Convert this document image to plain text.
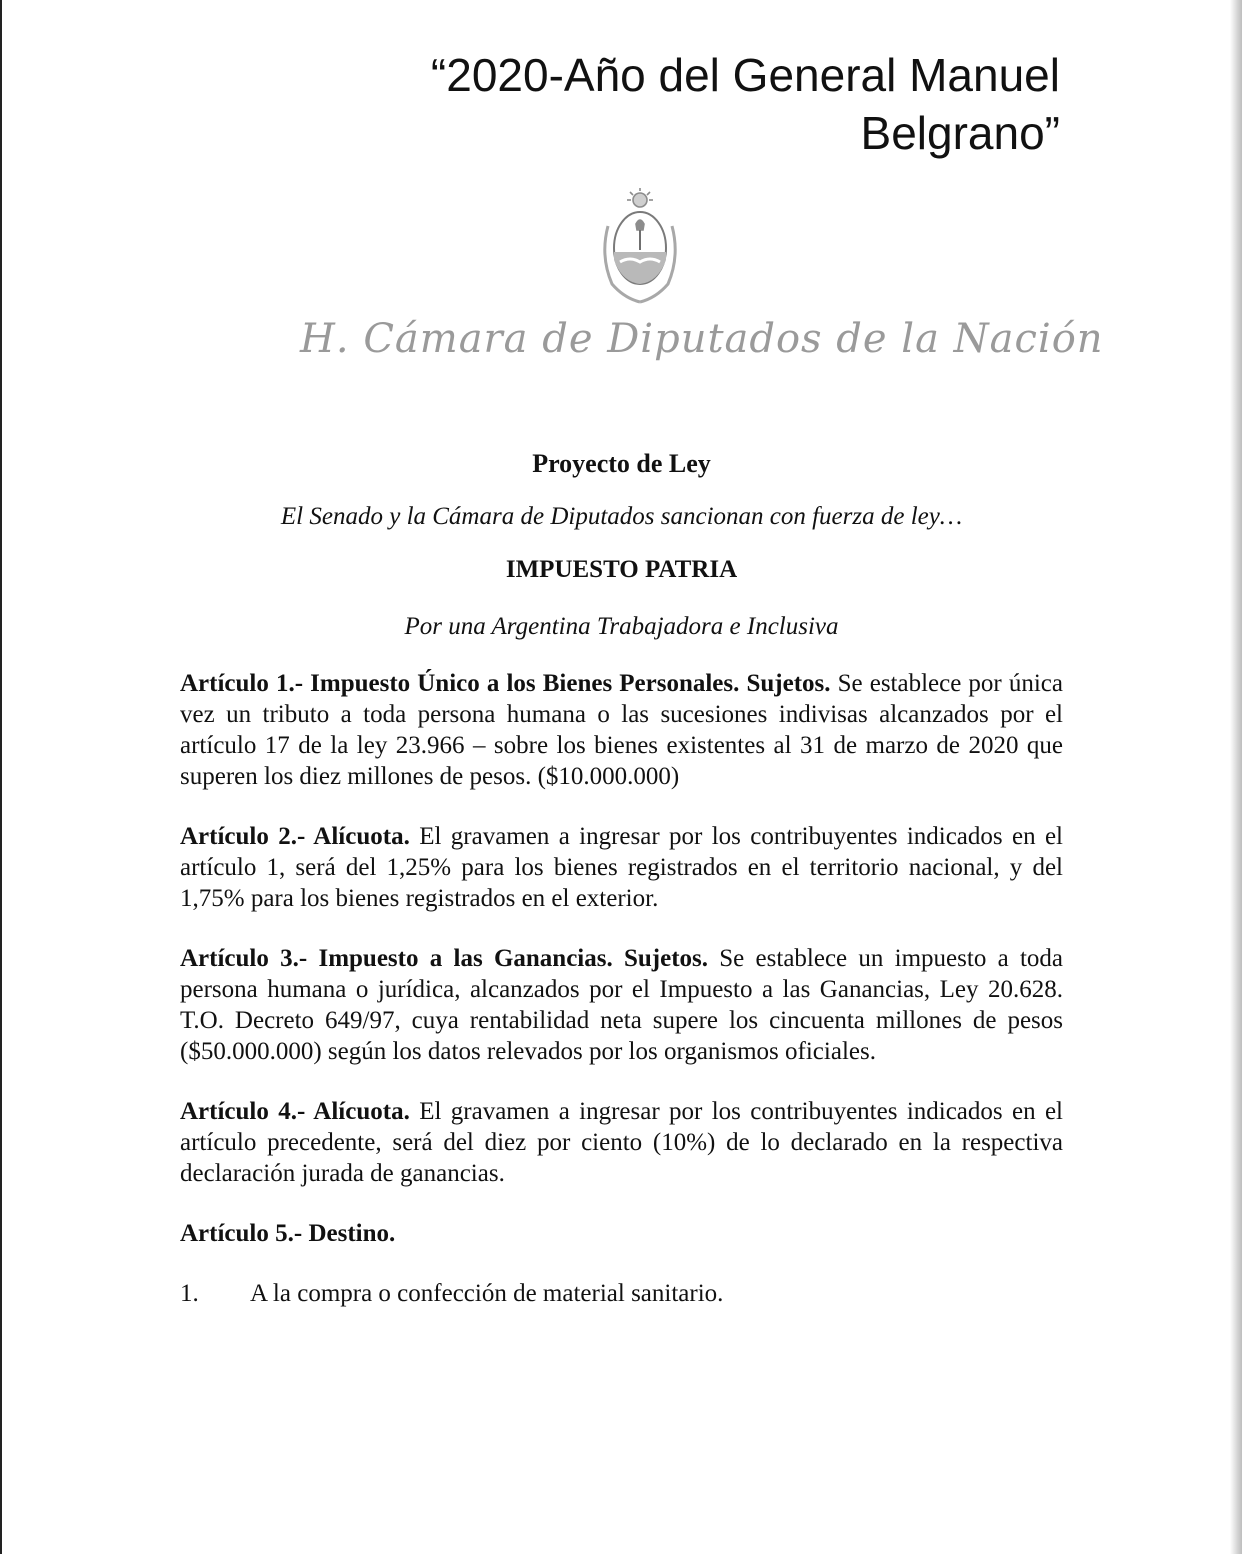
“2020-Año del General Manuel
Belgrano”
H. Cámara de Diputados de la Nación
Proyecto de Ley
El Senado y la Cámara de Diputados sancionan con fuerza de ley…
IMPUESTO PATRIA
Por una Argentina Trabajadora e Inclusiva

Artículo 1.- Impuesto Único a los Bienes Personales. Sujetos. Se establece por única vez un tributo a toda persona humana o las sucesiones indivisas alcanzados por el artículo 17 de la ley 23.966 – sobre los bienes existentes al 31 de marzo de 2020 que superen los diez millones de pesos. ($10.000.000)

Artículo 2.- Alícuota. El gravamen a ingresar por los contribuyentes indicados en el artículo 1, será del 1,25% para los bienes registrados en el territorio nacional, y del 1,75% para los bienes registrados en el exterior.

Artículo 3.- Impuesto a las Ganancias. Sujetos. Se establece un impuesto a toda persona humana o jurídica, alcanzados por el Impuesto a las Ganancias, Ley 20.628. T.O. Decreto 649/97, cuya rentabilidad neta supere los cincuenta millones de pesos ($50.000.000) según los datos relevados por los organismos oficiales.

Artículo 4.- Alícuota. El gravamen a ingresar por los contribuyentes indicados en el artículo precedente, será del diez por ciento (10%) de lo declarado en la respectiva declaración jurada de ganancias.

Artículo 5.- Destino.

1.	A la compra o confección de material sanitario.
